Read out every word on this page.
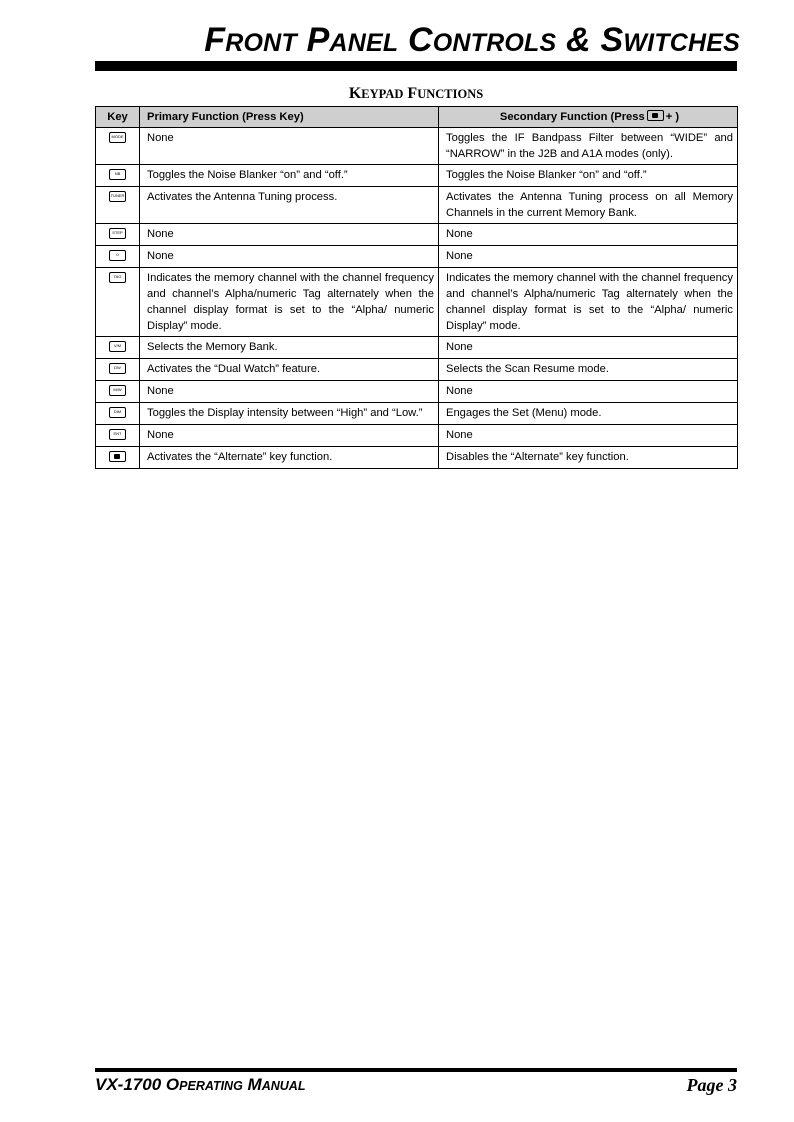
FRONT PANEL CONTROLS & SWITCHES
KEYPAD FUNCTIONS
Key	Primary Function (Press Key)	Secondary Function (Press + )

MODE	None	Toggles the IF Bandpass Filter between “WIDE” and “NARROW” in the J2B and A1A modes (only).

NB	Toggles the Noise Blanker “on” and “off.”	Toggles the Noise Blanker “on” and “off.”

TUNER	Activates the Antenna Tuning process.	Activates the Antenna Tuning process on all Memory Channels in the current Memory Bank.

STEP	None	None

0	None	None

TAG	Indicates the memory channel with the channel frequency and channel’s Alpha/numeric Tag alternately when the channel display format is set to the “Alpha/ numeric Display” mode.	Indicates the memory channel with the channel frequency and channel’s Alpha/numeric Tag alternately when the channel display format is set to the “Alpha/ numeric Display” mode.

V/M	Selects the Memory Bank.	None

DW	Activates the “Dual Watch” feature.	Selects the Scan Resume mode.

M/W	None	None

DIM	Toggles the Display intensity between “High” and “Low.”	Engages the Set (Menu) mode.

ENT	None	None
	Activates the “Alternate” key function.	Disables the “Alternate” key function.
VX-1700 OPERATING MANUAL	Page 3
